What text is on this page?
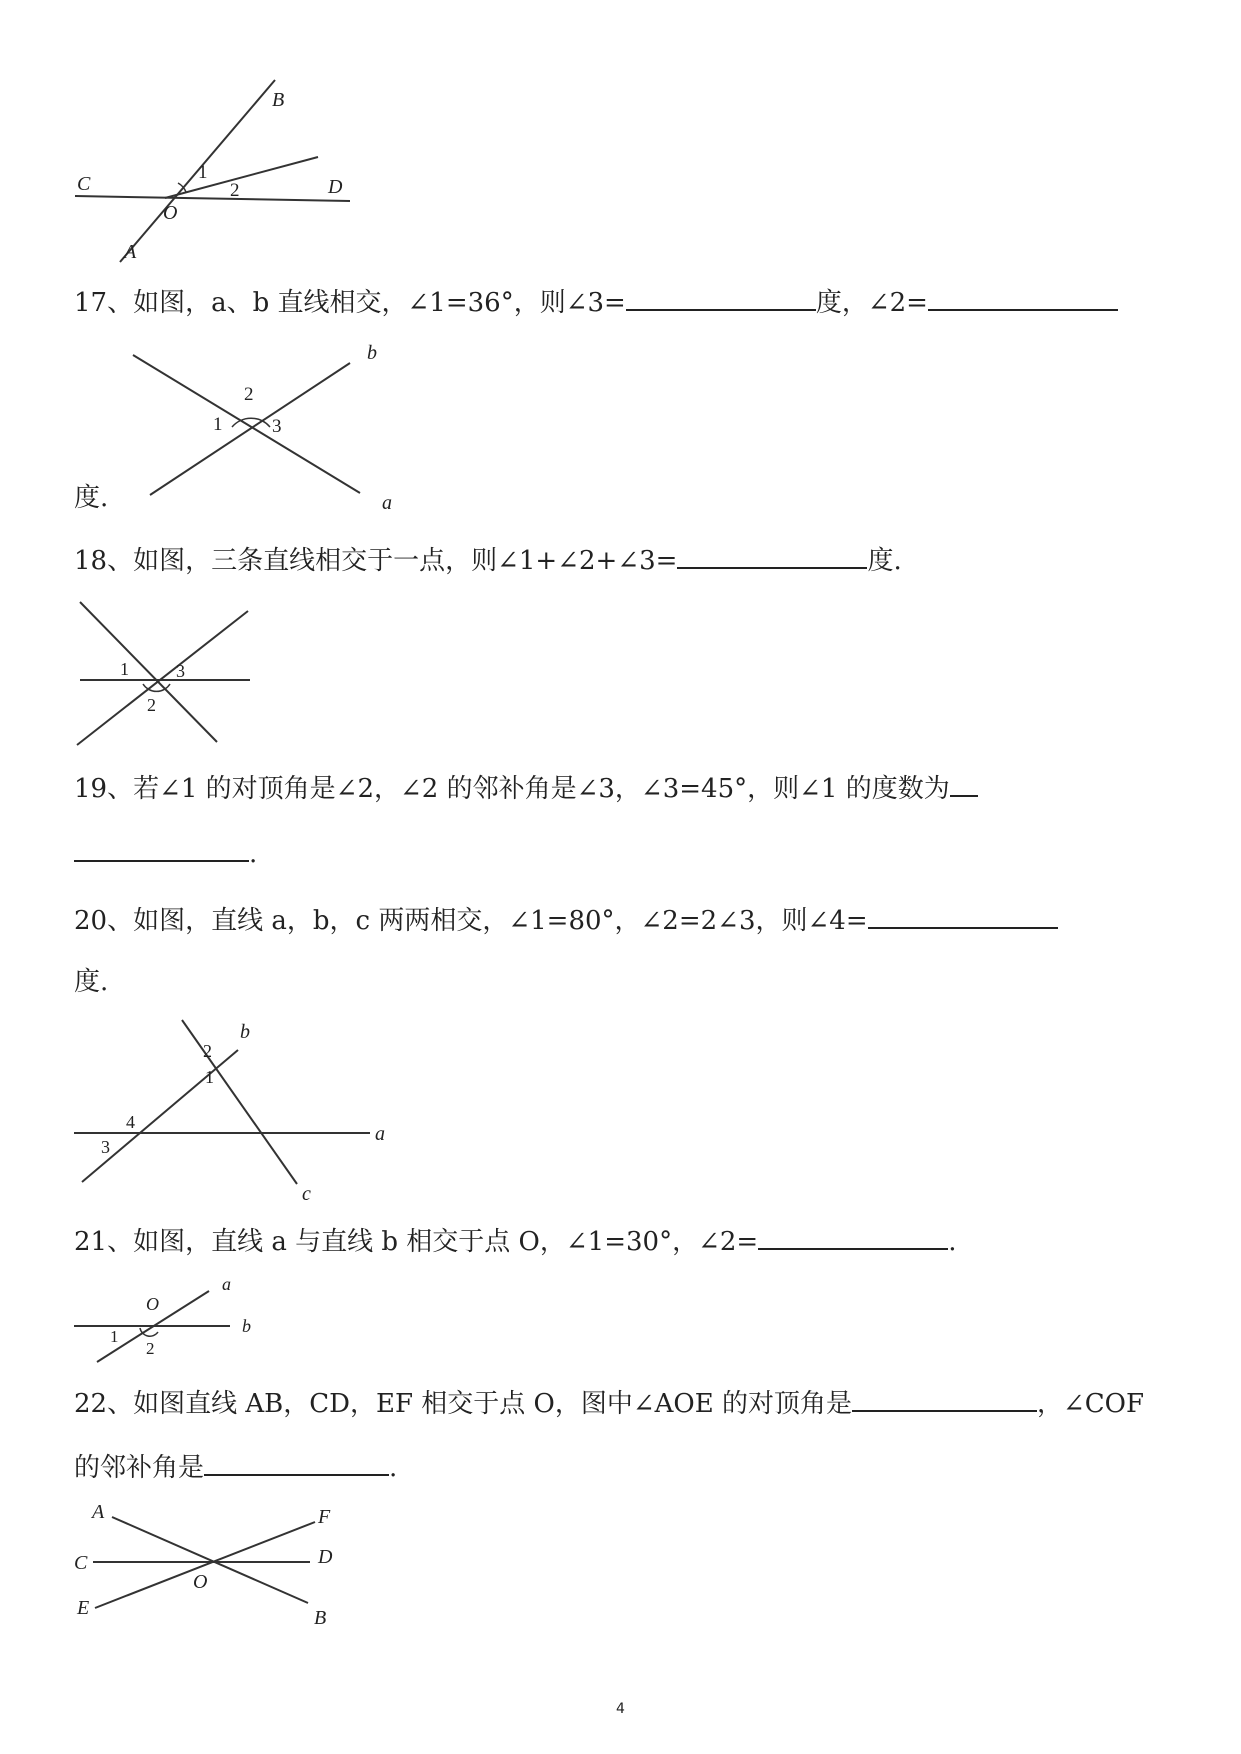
B
C	D
O
A
1
2
17、如图，a、b 直线相交，∠1=36°，则∠3=	度，∠2=
b
a
1
2
3
度.
18、如图，三条直线相交于一点，则∠1+∠2+∠3=	度.
1
2
3
19、若∠1 的对顶角是∠2，∠2 的邻补角是∠3，∠3=45°，则∠1 的度数为
.
20、如图，直线 a，b，c 两两相交，∠1=80°，∠2=2∠3，则∠4=
度.
b
a
c
2
1
4
3
21、如图，直线 a 与直线 b 相交于点 O，∠1=30°，∠2=	.
O
a
b
1
2
22、如图直线 AB，CD，EF 相交于点 O，图中∠AOE 的对顶角是	，∠COF
的邻补角是	.
A	F
C	D
E
O
B
4
